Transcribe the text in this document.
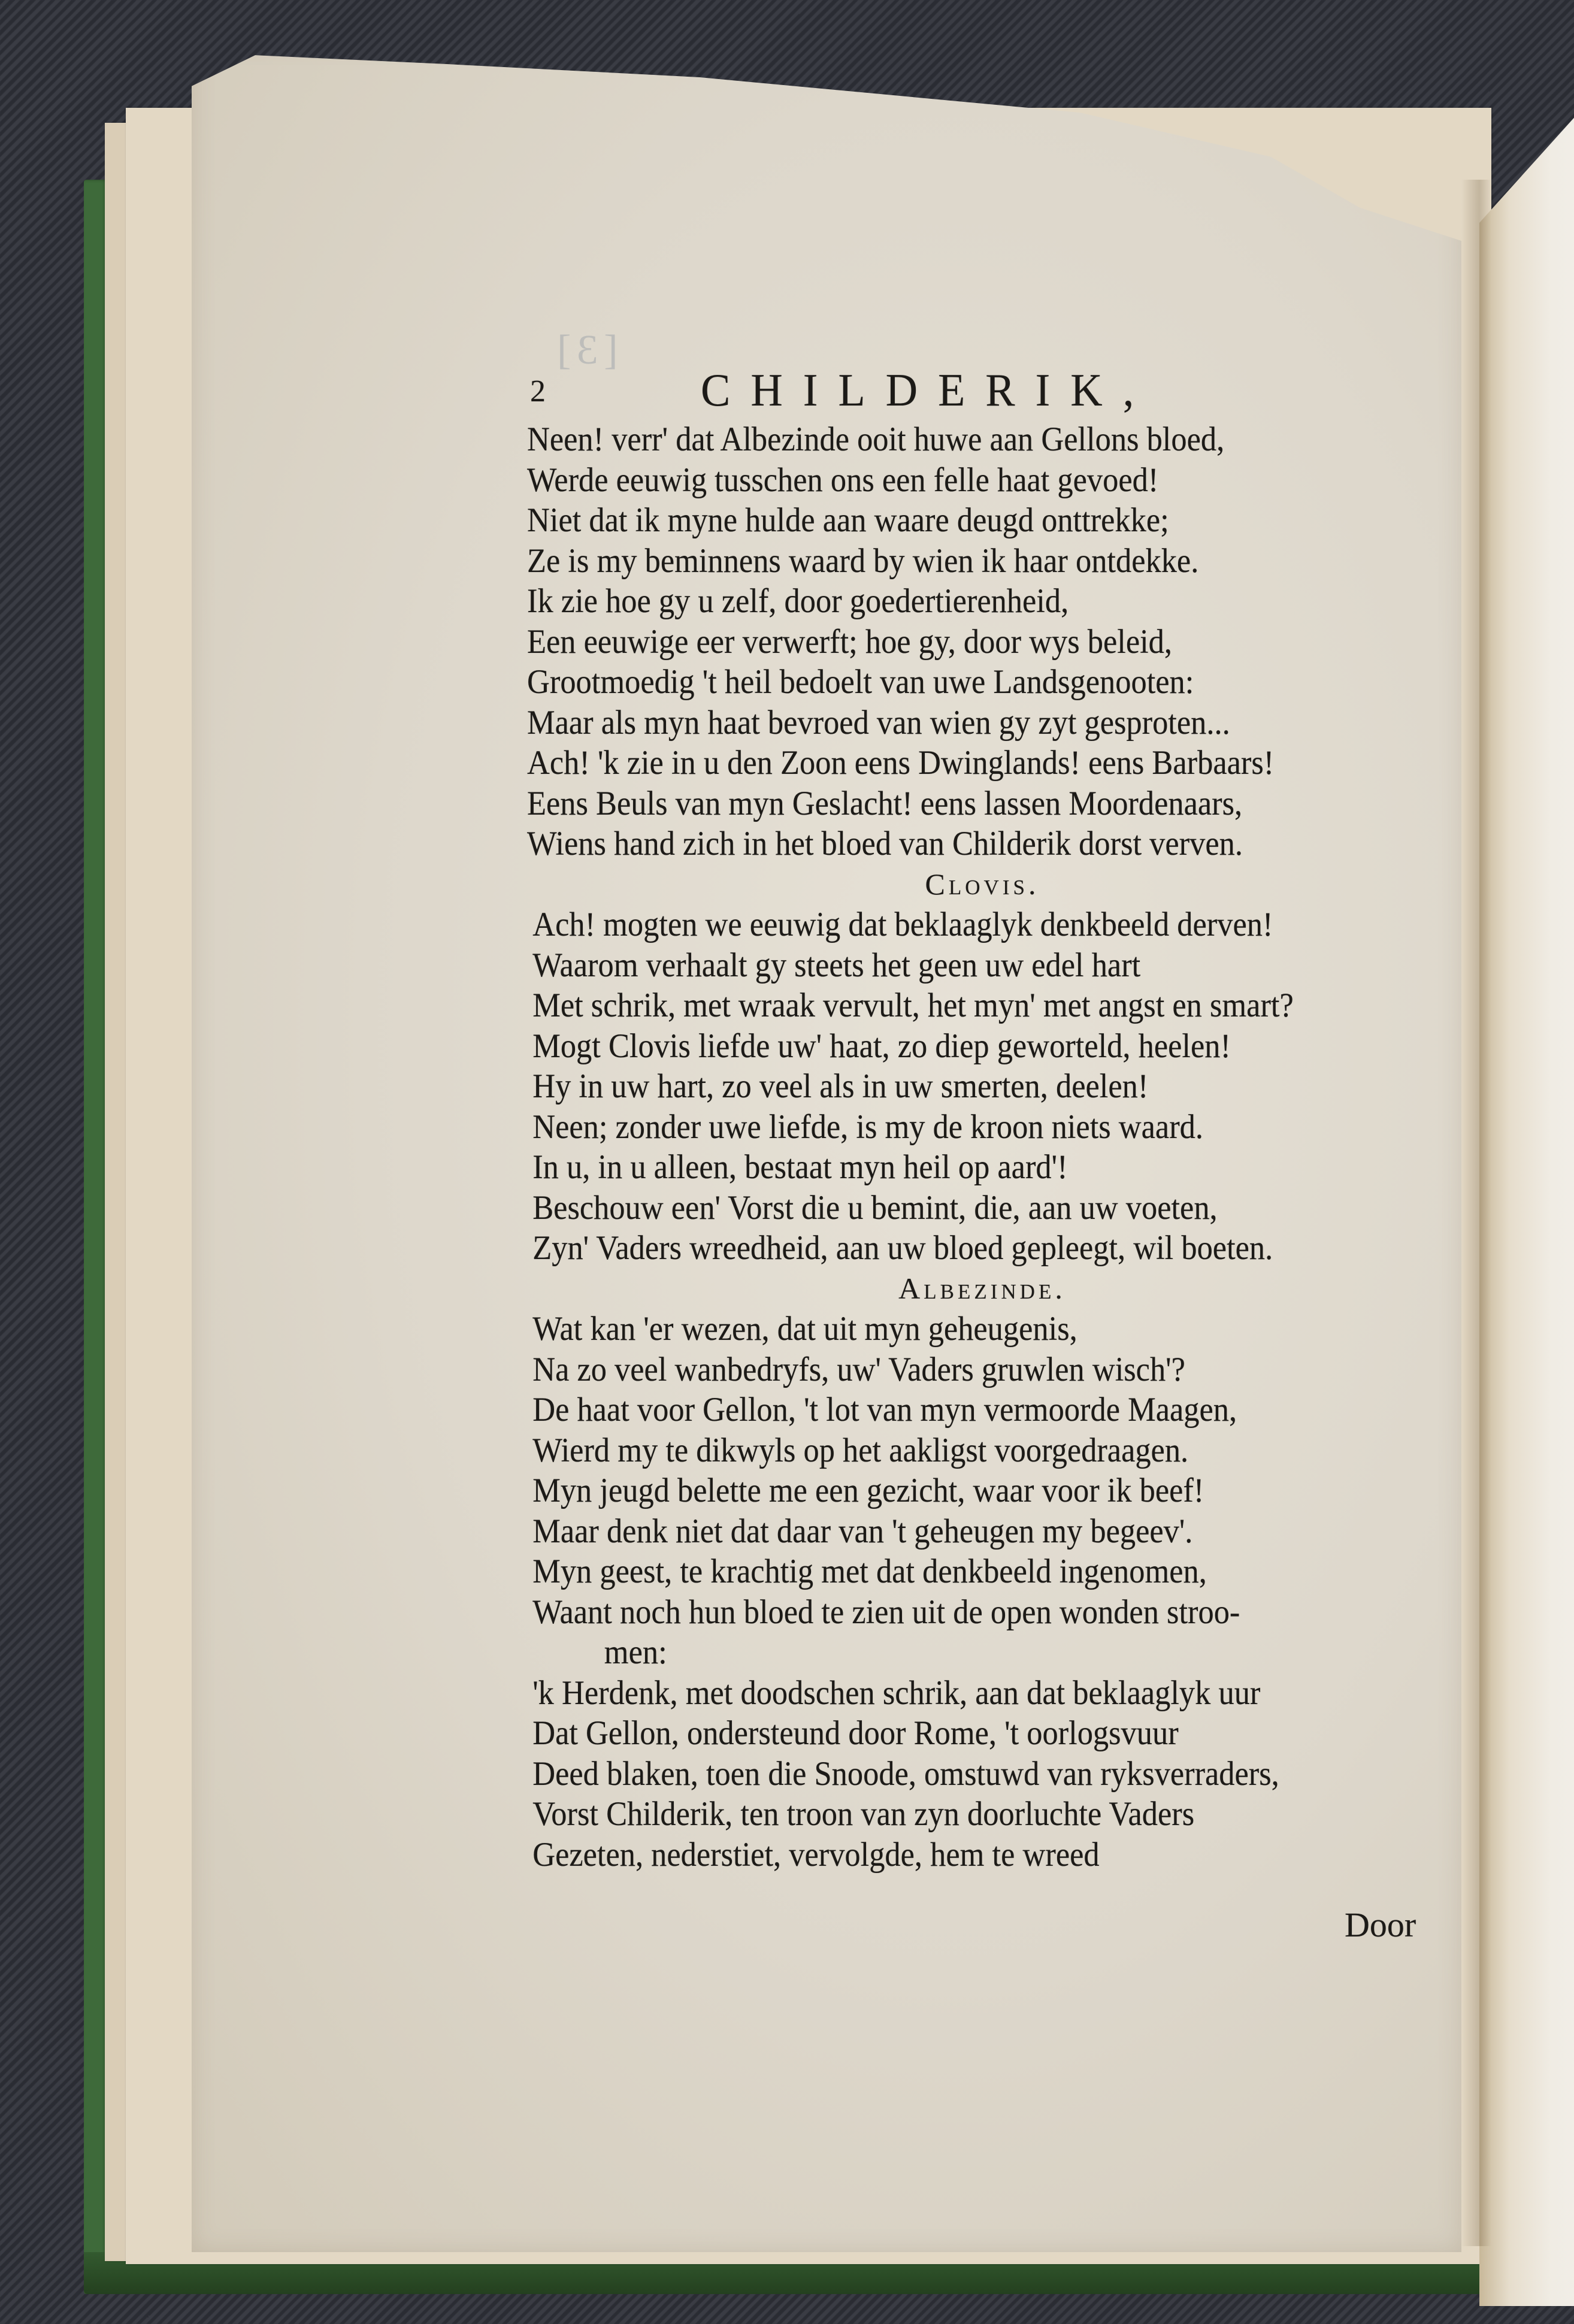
[3]
2	CHILDERIK,
Neen! verr' dat Albezinde ooit huwe aan Gellons bloed,
Werde eeuwig tusschen ons een felle haat gevoed!
Niet dat ik myne hulde aan waare deugd onttrekke;
Ze is my beminnens waard by wien ik haar ontdekke.
Ik zie hoe gy u zelf, door goedertierenheid,
Een eeuwige eer verwerft; hoe gy, door wys beleid,
Grootmoedig 't heil bedoelt van uwe Landsgenooten:
Maar als myn haat bevroed van wien gy zyt gesproten...
Ach! 'k zie in u den Zoon eens Dwinglands! eens Barbaars!
Eens Beuls van myn Geslacht! eens lassen Moordenaars,
Wiens hand zich in het bloed van Childerik dorst verven.
Clovis.
Ach! mogten we eeuwig dat beklaaglyk denkbeeld derven!
Waarom verhaalt gy steets het geen uw edel hart
Met schrik, met wraak vervult, het myn' met angst en smart?
Mogt Clovis liefde uw' haat, zo diep geworteld, heelen!
Hy in uw hart, zo veel als in uw smerten, deelen!
Neen; zonder uwe liefde, is my de kroon niets waard.
In u, in u alleen, bestaat myn heil op aard'!
Beschouw een' Vorst die u bemint, die, aan uw voeten,
Zyn' Vaders wreedheid, aan uw bloed gepleegt, wil boeten.
Albezinde.
Wat kan 'er wezen, dat uit myn geheugenis,
Na zo veel wanbedryfs, uw' Vaders gruwlen wisch'?
De haat voor Gellon, 't lot van myn vermoorde Maagen,
Wierd my te dikwyls op het aakligst voorgedraagen.
Myn jeugd belette me een gezicht, waar voor ik beef!
Maar denk niet dat daar van 't geheugen my begeev'.
Myn geest, te krachtig met dat denkbeeld ingenomen,
Waant noch hun bloed te zien uit de open wonden stroo-
men:
'k Herdenk, met doodschen schrik, aan dat beklaaglyk uur
Dat Gellon, ondersteund door Rome, 't oorlogsvuur
Deed blaken, toen die Snoode, omstuwd van ryksverraders,
Vorst Childerik, ten troon van zyn doorluchte Vaders
Gezeten, nederstiet, vervolgde, hem te wreed
Door
